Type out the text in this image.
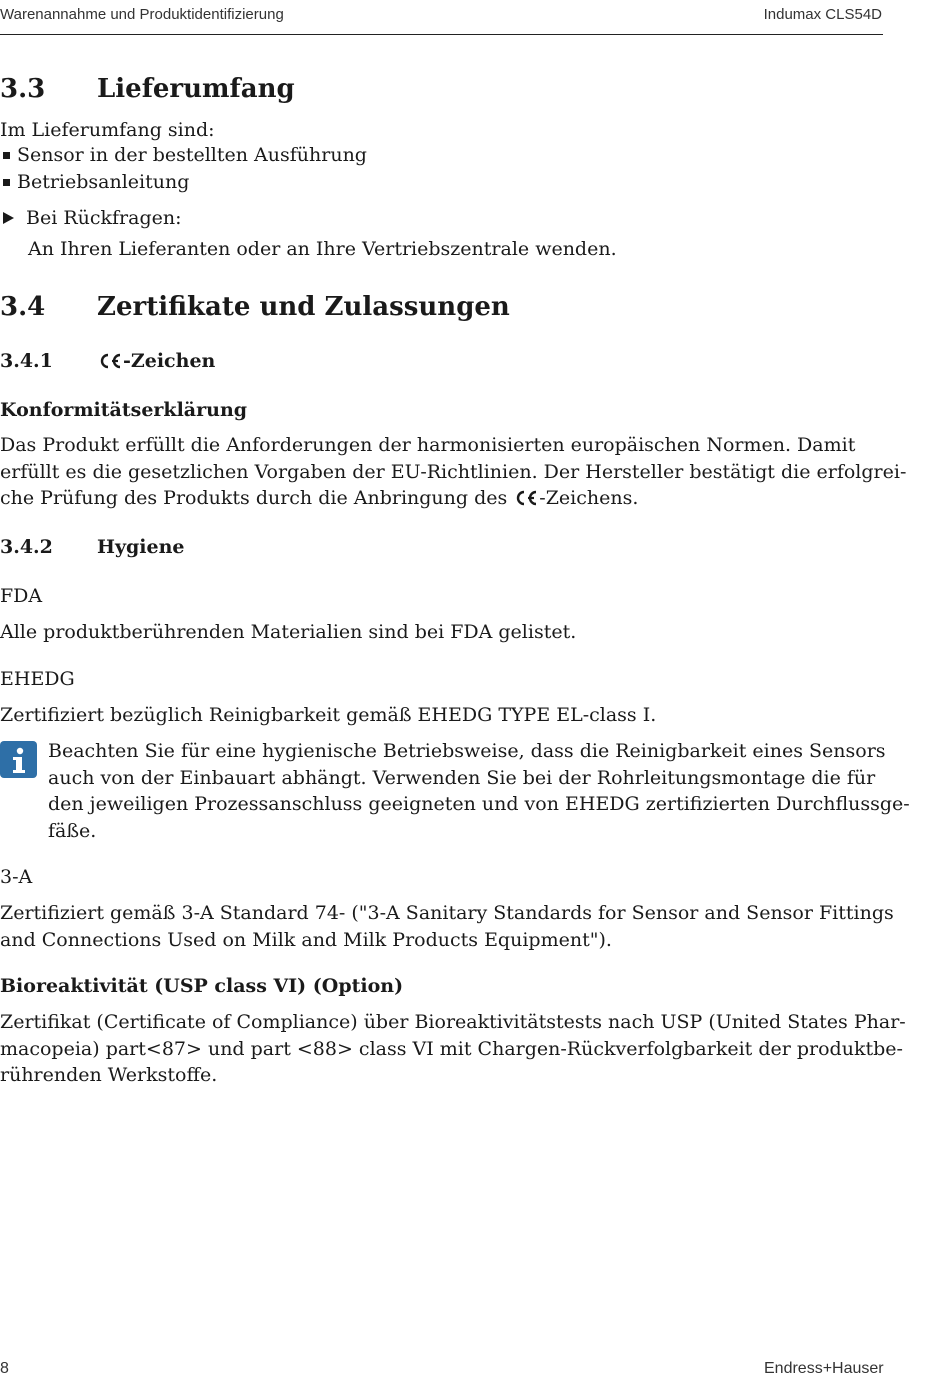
Warenannahme und Produktidentifizierung	Indumax CLS54D
3.3	Lieferumfang
Im Lieferumfang sind:
Sensor in der bestellten Ausführung
Betriebsanleitung
Bei Rückfragen:
An Ihren Lieferanten oder an Ihre Vertriebszentrale wenden.
3.4	Zertifikate und Zulassungen
3.4.1	-Zeichen
Konformitätserklärung
Das Produkt erfüllt die Anforderungen der harmonisierten europäischen Normen. Damit
erfüllt es die gesetzlichen Vorgaben der EU-Richtlinien. Der Hersteller bestätigt die erfolgrei-
che Prüfung des Produkts durch die Anbringung des -Zeichens.
3.4.2	Hygiene
FDA
Alle produktberührenden Materialien sind bei FDA gelistet.
EHEDG
Zertifiziert bezüglich Reinigbarkeit gemäß EHEDG TYPE EL-class I.
Beachten Sie für eine hygienische Betriebsweise, dass die Reinigbarkeit eines Sensors
auch von der Einbauart abhängt. Verwenden Sie bei der Rohrleitungsmontage die für
den jeweiligen Prozessanschluss geeigneten und von EHEDG zertifizierten Durchflussge-
fäße.
3-A
Zertifiziert gemäß 3-A Standard 74- ("3-A Sanitary Standards for Sensor and Sensor Fittings
and Connections Used on Milk and Milk Products Equipment").
Bioreaktivität (USP class VI) (Option)
Zertifikat (Certificate of Compliance) über Bioreaktivitätstests nach USP (United States Phar-
macopeia) part<87> und part <88> class VI mit Chargen-Rückverfolgbarkeit der produktbe-
rührenden Werkstoffe.
8	Endress+Hauser
